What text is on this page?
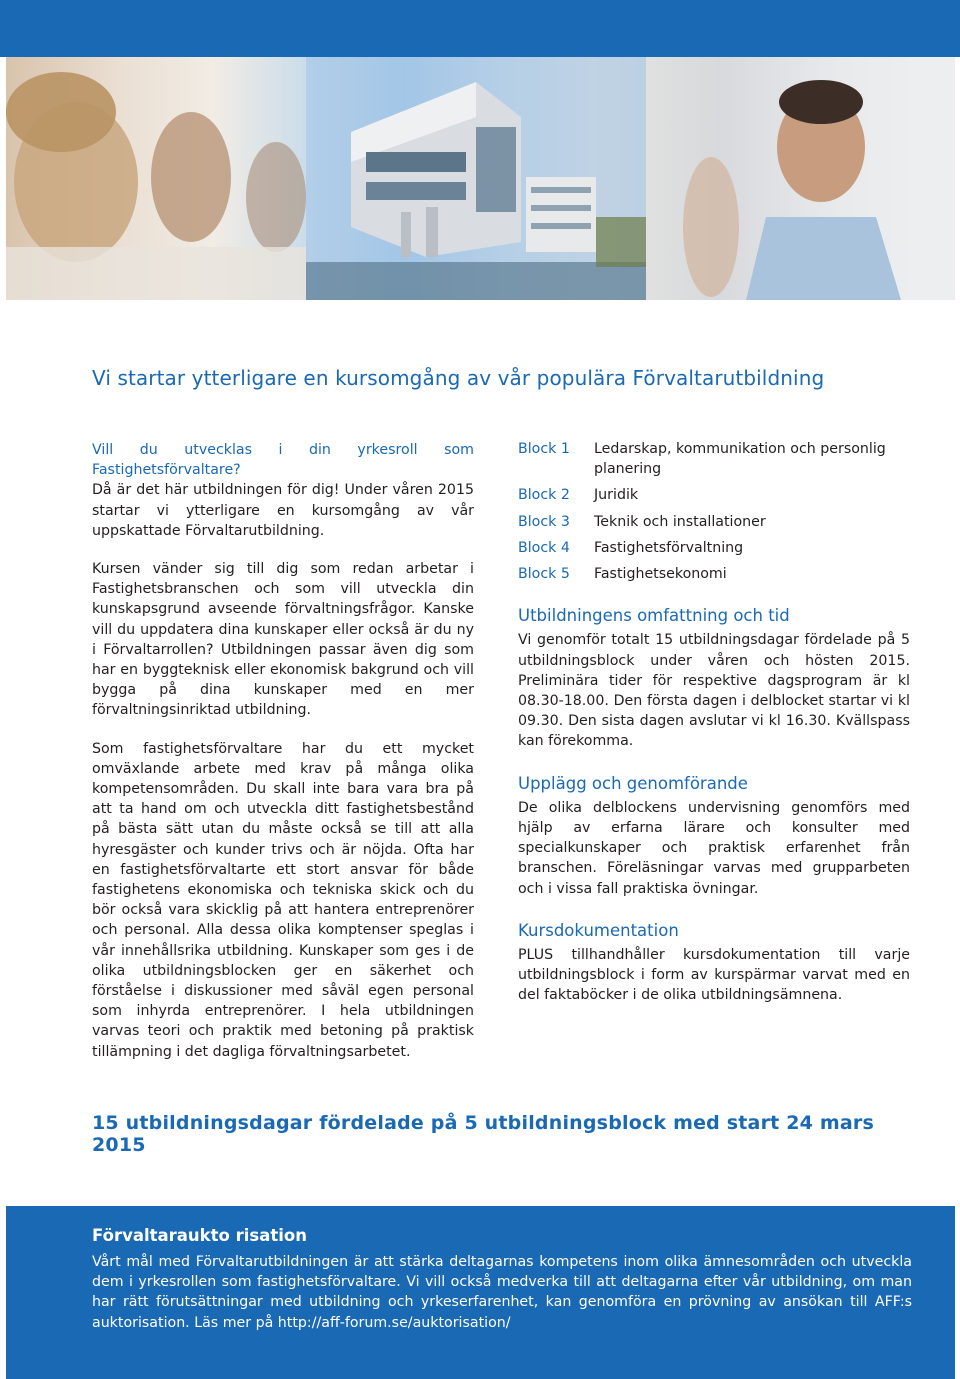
Vi startar ytterligare en kursomgång av vår populära Förvaltarutbildning

Vill du utvecklas i din yrkesroll som Fastighetsförvaltare?

Då är det här utbildningen för dig! Under våren 2015 startar vi ytterligare en kursomgång av vår uppskattade Förvaltarutbildning.

Kursen vänder sig till dig som redan arbetar i Fastighetsbranschen och som vill utveckla din kunskapsgrund avseende förvaltningsfrågor. Kanske vill du uppdatera dina kunskaper eller också är du ny i Förvaltarrollen? Utbildningen passar även dig som har en byggteknisk eller ekonomisk bakgrund och vill bygga på dina kunskaper med en mer förvaltningsinriktad utbildning.

Som fastighetsförvaltare har du ett mycket omväxlande arbete med krav på många olika kompetensområden. Du skall inte bara vara bra på att ta hand om och utveckla ditt fastighetsbestånd på bästa sätt utan du måste också se till att alla hyresgäster och kunder trivs och är nöjda. Ofta har en fastighetsförvaltarte ett stort ansvar för både fastighetens ekonomiska och tekniska skick och du bör också vara skicklig på att hantera entreprenörer och personal. Alla dessa olika komptenser speglas i vår innehållsrika utbildning. Kunskaper som ges i de olika utbildningsblocken ger en säkerhet och förståelse i diskussioner med såväl egen personal som inhyrda entreprenörer. I hela utbildningen varvas teori och praktik med betoning på praktisk tillämpning i det dagliga förvaltningsarbetet.

Block 1	Ledarskap, kommunikation och personlig planering
Block 2	Juridik
Block 3	Teknik och installationer
Block 4	Fastighetsförvaltning
Block 5	Fastighetsekonomi
Utbildningens omfattning och tid

Vi genomför totalt 15 utbildningsdagar fördelade på 5 utbildningsblock under våren och hösten 2015. Preliminära tider för respektive dagsprogram är kl 08.30-18.00. Den första dagen i delblocket startar vi kl 09.30. Den sista dagen avslutar vi kl 16.30. Kvällspass kan förekomma.

Upplägg och genomförande

De olika delblockens undervisning genomförs med hjälp av erfarna lärare och konsulter med specialkunskaper och praktisk erfarenhet från branschen. Föreläsningar varvas med grupparbeten och i vissa fall praktiska övningar.

Kursdokumentation

PLUS tillhandhåller kursdokumentation till varje utbildningsblock i form av kurspärmar varvat med en del faktaböcker i de olika utbildningsämnena.

15 utbildningsdagar fördelade på 5 utbildningsblock med start 24 mars 2015
Förvaltaraukto risation
Vårt mål med Förvaltarutbildningen är att stärka deltagarnas kompetens inom olika ämnesområden och utveckla dem i yrkesrollen som fastighetsförvaltare. Vi vill också medverka till att deltagarna efter vår utbildning, om man har rätt förutsättningar med utbildning och yrkeserfarenhet, kan genomföra en prövning av ansökan till AFF:s auktorisation. Läs mer på http://aff-forum.se/auktorisation/
